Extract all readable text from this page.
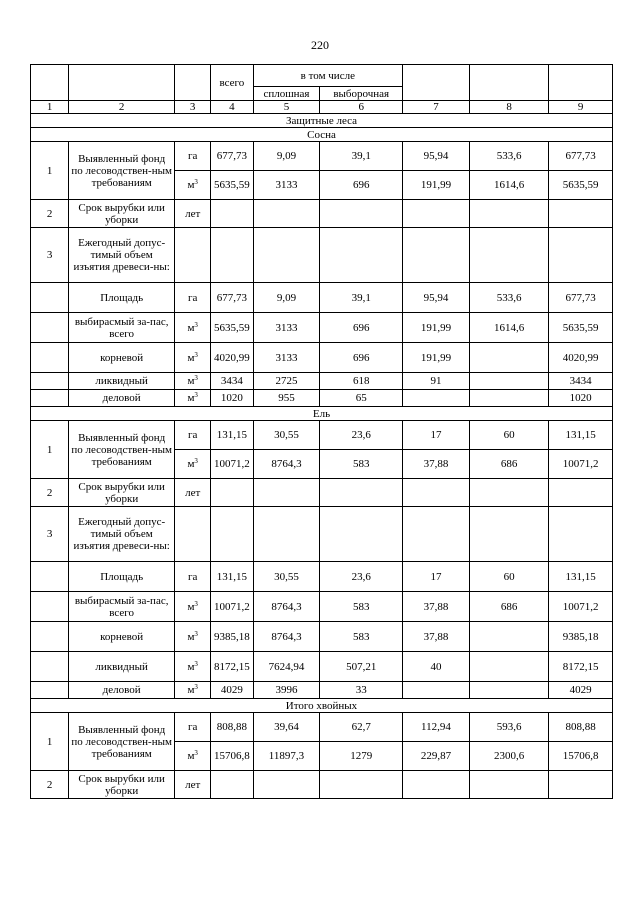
220
			всего	в том числе				
				сплошная	выборочная			
1	2	3	4	5	6	7	8	9
Защитные леса								
Сосна								
1	Выявленный фонд по лесоводствен-ным требованиям	га	677,73	9,09	39,1	95,94	533,6	677,73
		$м^3$	5635,59	3133	696	191,99	1614,6	5635,59
2	Срок вырубки или уборки	лет						
3	Ежегодный допус-тимый объем изъятия древеси-ны:							
	Площадь	га	677,73	9,09	39,1	95,94	533,6	677,73
	выбирасмый за-пас, всего	$м^3$	5635,59	3133	696	191,99	1614,6	5635,59
	корневой	$м^3$	4020,99	3133	696	191,99		4020,99
	ликвидный	$м^3$	3434	2725	618	91		3434
	деловой	$м^3$	1020	955	65			1020
Ель								
1	Выявленный фонд по лесоводствен-ным требованиям	га	131,15	30,55	23,6	17	60	131,15
		$м^3$	10071,2	8764,3	583	37,88	686	10071,2
2	Срок вырубки или уборки	лет						
3	Ежегодный допус-тимый объем изъятия древеси-ны:							
	Площадь	га	131,15	30,55	23,6	17	60	131,15
	выбирасмый за-пас, всего	$м^3$	10071,2	8764,3	583	37,88	686	10071,2
	корневой	$м^3$	9385,18	8764,3	583	37,88		9385,18
	ликвидный	$м^3$	8172,15	7624,94	507,21	40		8172,15
	деловой	$м^3$	4029	3996	33			4029
Итого хвойных								
1	Выявленный фонд по лесоводствен-ным требованиям	га	808,88	39,64	62,7	112,94	593,6	808,88
		$м^3$	15706,8	11897,3	1279	229,87	2300,6	15706,8
2	Срок вырубки или уборки	лет						
